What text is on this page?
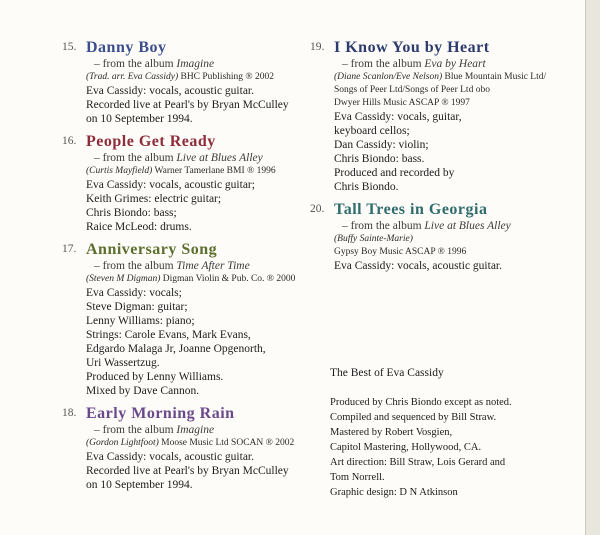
15. Danny Boy
– from the album Imagine
(Trad. arr. Eva Cassidy) BHC Publishing ® 2002
Eva Cassidy: vocals, acoustic guitar.
Recorded live at Pearl's by Bryan McCulley
on 10 September 1994.
16. People Get Ready
– from the album Live at Blues Alley
(Curtis Mayfield) Warner Tamerlane BMI ® 1996
Eva Cassidy: vocals, acoustic guitar;
Keith Grimes: electric guitar;
Chris Biondo: bass;
Raice McLeod: drums.
17. Anniversary Song
– from the album Time After Time
(Steven M Digman) Digman Violin & Pub. Co. ® 2000
Eva Cassidy: vocals;
Steve Digman: guitar;
Lenny Williams: piano;
Strings: Carole Evans, Mark Evans,
Edgardo Malaga Jr, Joanne Opgenorth,
Uri Wassertzug.
Produced by Lenny Williams.
Mixed by Dave Cannon.
18. Early Morning Rain
– from the album Imagine
(Gordon Lightfoot) Moose Music Ltd SOCAN ® 2002
Eva Cassidy: vocals, acoustic guitar.
Recorded live at Pearl's by Bryan McCulley
on 10 September 1994.
19. I Know You by Heart
– from the album Eva by Heart
(Diane Scanlon/Eve Nelson) Blue Mountain Music Ltd/
Songs of Peer Ltd/Songs of Peer Ltd obo
Dwyer Hills Music ASCAP ® 1997
Eva Cassidy: vocals, guitar,
keyboard cellos;
Dan Cassidy: violin;
Chris Biondo: bass.
Produced and recorded by
Chris Biondo.
20. Tall Trees in Georgia
– from the album Live at Blues Alley
(Buffy Sainte-Marie)
Gypsy Boy Music ASCAP ® 1996
Eva Cassidy: vocals, acoustic guitar.
The Best of Eva Cassidy
Produced by Chris Biondo except as noted.
Compiled and sequenced by Bill Straw.
Mastered by Robert Vosgien,
Capitol Mastering, Hollywood, CA.
Art direction: Bill Straw, Lois Gerard and
Tom Norrell.
Graphic design: D N Atkinson
